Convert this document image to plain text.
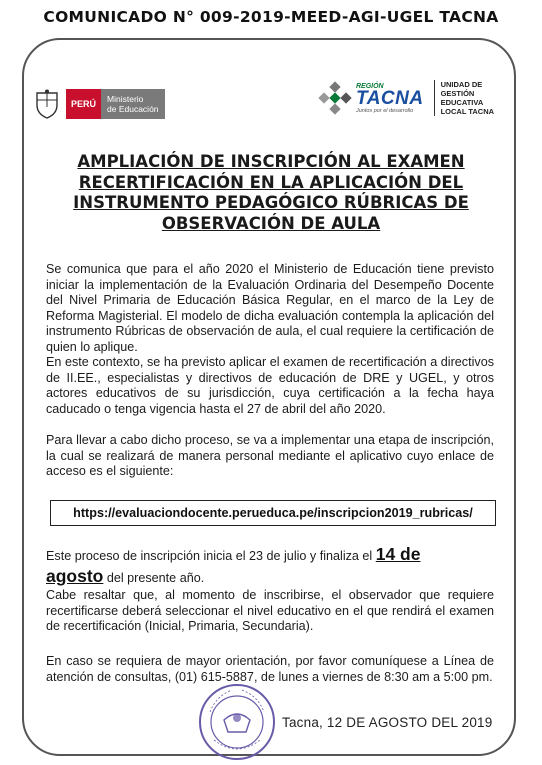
COMUNICADO N° 009-2019-MEED-AGI-UGEL TACNA
PERÚ	Ministerio
de Educación
REGIÓN
TACNA
Juntos por el desarrollo
UNIDAD DE
GESTIÓN
EDUCATIVA
LOCAL TACNA
AMPLIACIÓN DE INSCRIPCIÓN AL EXAMEN
RECERTIFICACIÓN EN LA APLICACIÓN DEL
INSTRUMENTO PEDAGÓGICO RÚBRICAS DE
OBSERVACIÓN DE AULA
Se comunica que para el año 2020 el Ministerio de Educación tiene previsto iniciar la implementación de la Evaluación Ordinaria del Desempeño Docente del Nivel Primaria de Educación Básica Regular, en el marco de la Ley de Reforma Magisterial. El modelo de dicha evaluación contempla la aplicación del instrumento Rúbricas de observación de aula, el cual requiere la certificación de quien lo aplique.
En este contexto, se ha previsto aplicar el examen de recertificación a directivos de II.EE., especialistas y directivos de educación de DRE y UGEL, y otros actores educativos de su jurisdicción, cuya certificación a la fecha haya caducado o tenga vigencia hasta el 27 de abril del año 2020.
Para llevar a cabo dicho proceso, se va a implementar una etapa de inscripción, la cual se realizará de manera personal mediante el aplicativo cuyo enlace de acceso es el siguiente:
https://evaluaciondocente.perueduca.pe/inscripcion2019_rubricas/
Este proceso de inscripción inicia el 23 de julio y finaliza el 14 de
agosto del presente año.
Cabe resaltar que, al momento de inscribirse, el observador que requiere recertificarse deberá seleccionar el nivel educativo en el que rendirá el examen de recertificación (Inicial, Primaria, Secundaria).
En caso se requiera de mayor orientación, por favor comuníquese a Línea de atención de consultas, (01) 615-5887, de lunes a viernes de 8:30 am a 5:00 pm.
Tacna, 12 DE AGOSTO DEL 2019
